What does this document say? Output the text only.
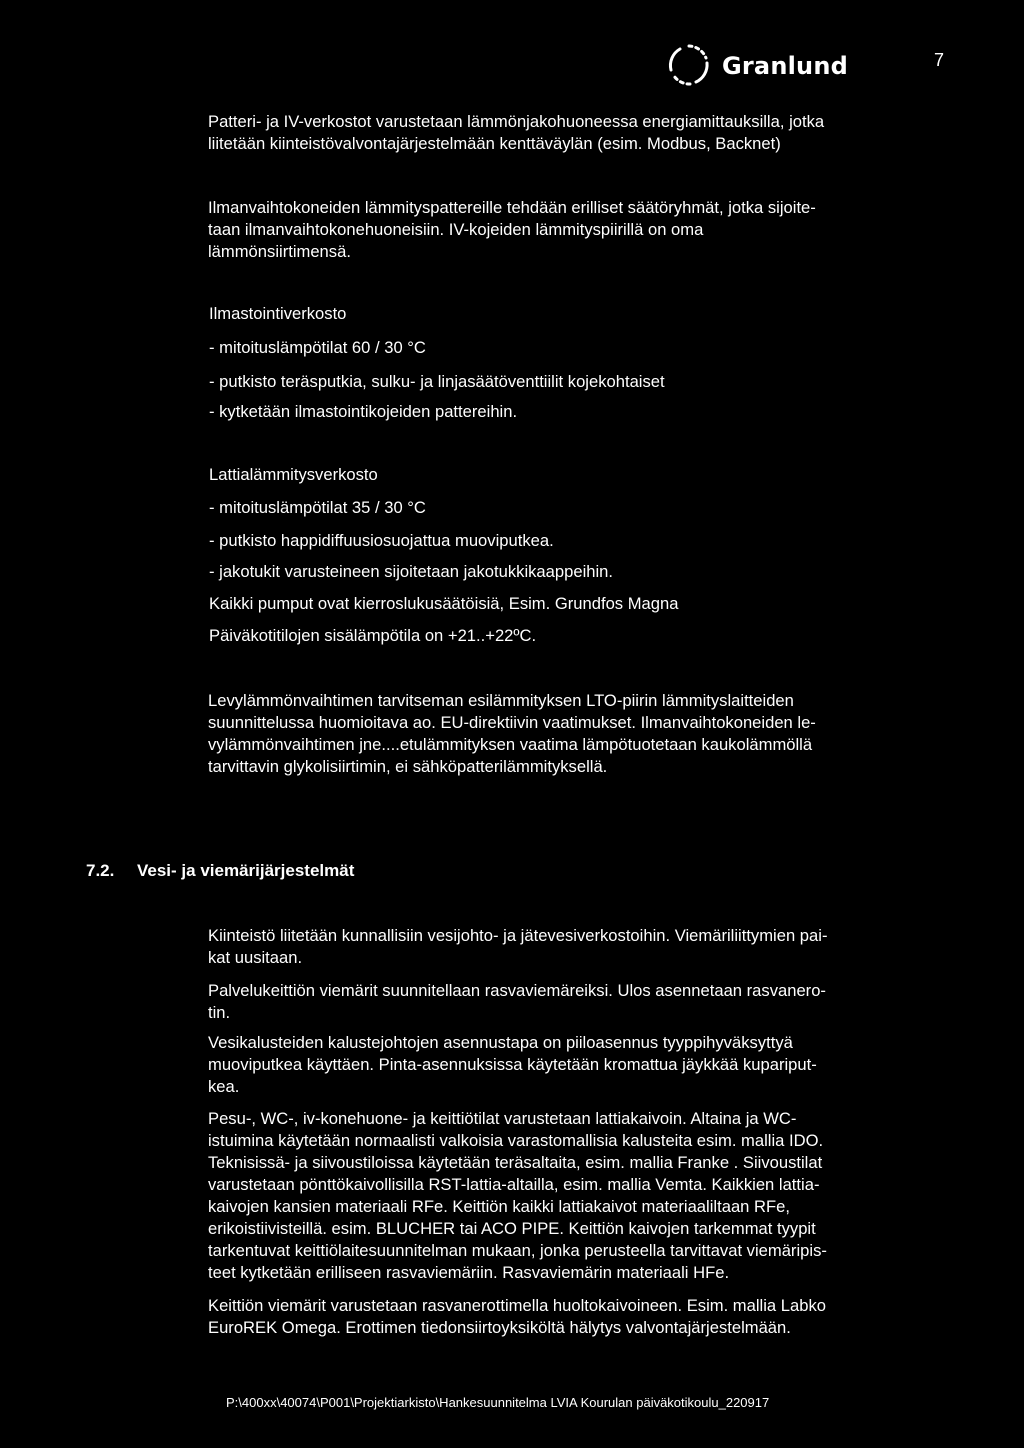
Granlund	7
Patteri- ja IV-verkostot varustetaan lämmönjakohuoneessa energiamittauksilla, jotka
liitetään kiinteistövalvontajärjestelmään kenttäväylän (esim. Modbus, Backnet)
Ilmanvaihtokoneiden lämmityspattereille tehdään erilliset säätöryhmät, jotka sijoite-
taan ilmanvaihtokonehuoneisiin. IV-kojeiden lämmityspiirillä on oma
lämmönsiirtimensä.
Ilmastointiverkosto
- mitoituslämpötilat 60 / 30 °C
- putkisto teräsputkia, sulku- ja linjasäätöventtiilit kojekohtaiset
- kytketään ilmastointikojeiden pattereihin.
Lattialämmitysverkosto
- mitoituslämpötilat 35 / 30 °C
- putkisto happidiffuusiosuojattua muoviputkea.
- jakotukit varusteineen sijoitetaan jakotukkikaappeihin.
Kaikki pumput ovat kierroslukusäätöisiä, Esim. Grundfos Magna
Päiväkotitilojen sisälämpötila on +21..+22ºC.
Levylämmönvaihtimen tarvitseman esilämmityksen LTO-piirin lämmityslaitteiden
suunnittelussa huomioitava ao. EU-direktiivin vaatimukset. Ilmanvaihtokoneiden le-
vylämmönvaihtimen jne....etulämmityksen vaatima lämpötuotetaan kaukolämmöllä
tarvittavin glykolisiirtimin, ei sähköpatterilämmityksellä.
7.2. Vesi- ja viemärijärjestelmät
Kiinteistö liitetään kunnallisiin vesijohto- ja jätevesiverkostoihin. Viemäriliittymien pai-
kat uusitaan.
Palvelukeittiön viemärit suunnitellaan rasvaviemäreiksi. Ulos asennetaan rasvanero-
tin.
Vesikalusteiden kalustejohtojen asennustapa on piiloasennus tyyppihyväksyttyä
muoviputkea käyttäen. Pinta-asennuksissa käytetään kromattua jäykkää kupariput-
kea.
Pesu-, WC-, iv-konehuone- ja keittiötilat varustetaan lattiakaivoin. Altaina ja WC-
istuimina käytetään normaalisti valkoisia varastomallisia kalusteita esim. mallia IDO.
Teknisissä- ja siivoustiloissa käytetään teräsaltaita, esim. mallia Franke . Siivoustilat
varustetaan pönttökaivollisilla RST-lattia-altailla, esim. mallia Vemta. Kaikkien lattia-
kaivojen kansien materiaali RFe. Keittiön kaikki lattiakaivot materiaaliltaan RFe,
erikoistiivisteillä. esim. BLUCHER tai ACO PIPE. Keittiön kaivojen tarkemmat tyypit
tarkentuvat keittiölaitesuunnitelman mukaan, jonka perusteella tarvittavat viemäripis-
teet kytketään erilliseen rasvaviemäriin. Rasvaviemärin materiaali HFe.
Keittiön viemärit varustetaan rasvanerottimella huoltokaivoineen. Esim. mallia Labko
EuroREK Omega. Erottimen tiedonsiirtoyksiköltä hälytys valvontajärjestelmään.
P:\400xx\40074\P001\Projektiarkisto\Hankesuunnitelma LVIA Kourulan päiväkotikoulu_220917
